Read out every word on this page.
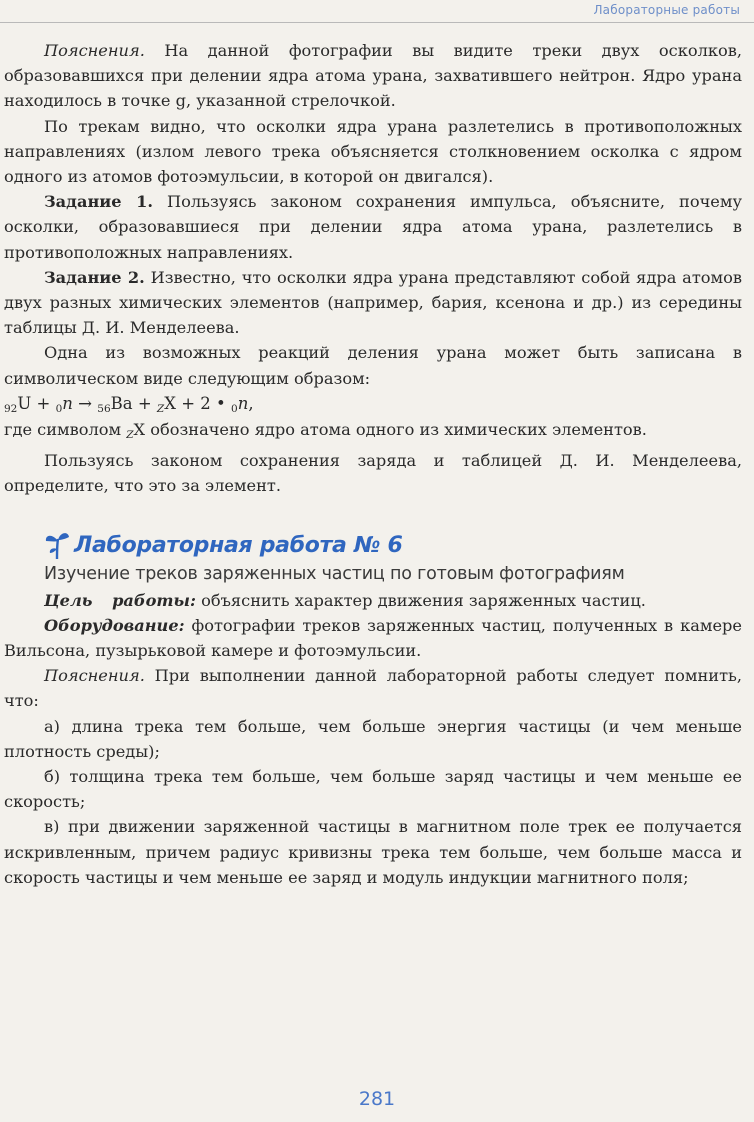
Лабораторные работы

Пояснения. На данной фотографии вы видите треки двух осколков, образовавшихся при делении ядра атома урана, захватившего нейтрон. Ядро урана находилось в точке g, указанной стрелочкой.

По трекам видно, что осколки ядра урана разлетелись в противоположных направлениях (излом левого трека объясняется столкновением осколка с ядром одного из атомов фотоэмульсии, в которой он двигался).

Задание 1. Пользуясь законом сохранения импульса, объясните, почему осколки, образовавшиеся при делении ядра атома урана, разлетелись в противоположных направлениях.

Задание 2. Известно, что осколки ядра урана представляют собой ядра атомов двух разных химических элементов (например, бария, ксенона и др.) из середины таблицы Д. И. Менделеева.

Одна из возможных реакций деления урана может быть записана в символическом виде следующим образом:

$_{92}$U + $_0$n → $_{56}$Ba + $_Z$X + 2 • $_0$n,

где символом $_Z$X обозначено ядро атома одного из химических элементов.

Пользуясь законом сохранения заряда и таблицей Д. И. Менделеева, определите, что это за элемент.

Лабораторная работа № 6

Изучение треков заряженных частиц по готовым фотографиям

Цель работы: объяснить характер движения заряженных частиц.

Оборудование: фотографии треков заряженных частиц, полученных в камере Вильсона, пузырьковой камере и фотоэмульсии.

Пояснения. При выполнении данной лабораторной работы следует помнить, что:

а) длина трека тем больше, чем больше энергия частицы (и чем меньше плотность среды);

б) толщина трека тем больше, чем больше заряд частицы и чем меньше ее скорость;

в) при движении заряженной частицы в магнитном поле трек ее получается искривленным, причем радиус кривизны трека тем больше, чем больше масса и скорость частицы и чем меньше ее заряд и модуль индукции магнитного поля;

281
